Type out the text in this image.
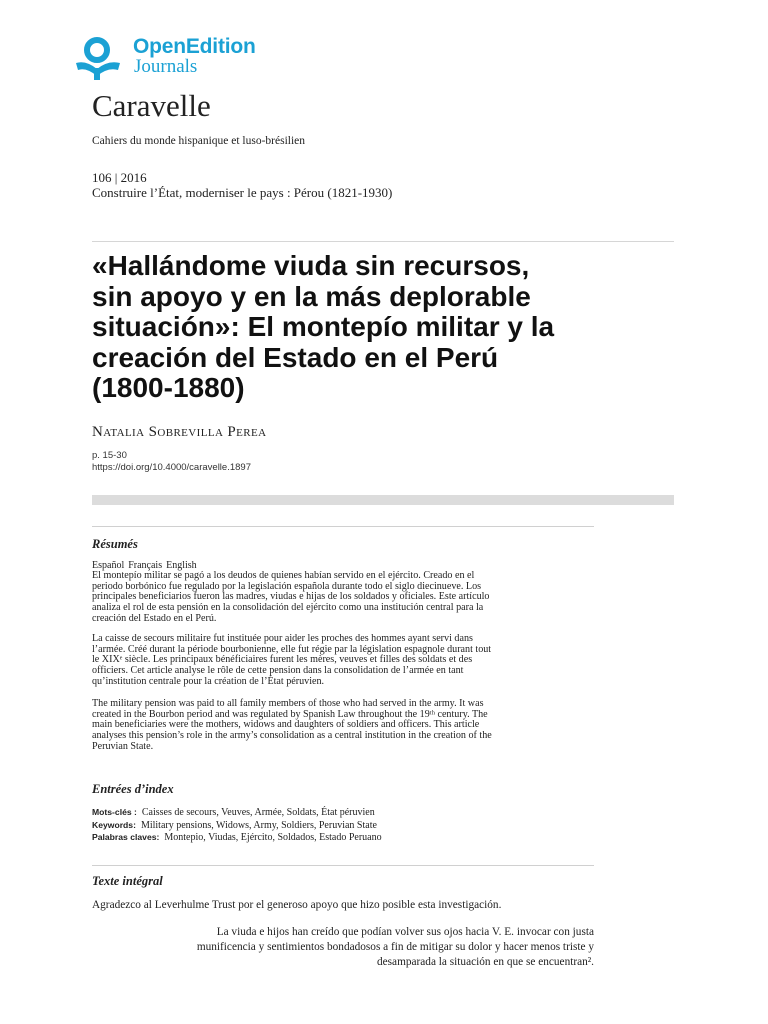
OpenEdition
Journals
Caravelle
Cahiers du monde hispanique et luso-brésilien
106 | 2016
Construire l’État, moderniser le pays : Pérou (1821-1930)
«Hallándome viuda sin recursos,
sin apoyo y en la más deplorable
situación»: El montepío militar y la
creación del Estado en el Perú
(1800-1880)
Natalia Sobrevilla Perea
p. 15-30
https://doi.org/10.4000/caravelle.1897
Résumés
Español Français English
El montepío militar se pagó a los deudos de quienes habían servido en el ejército. Creado en el
periodo borbónico fue regulado por la legislación española durante todo el siglo diecinueve. Los
principales beneficiarios fueron las madres, viudas e hijas de los soldados y oficiales. Este artículo
analiza el rol de esta pensión en la consolidación del ejército como una institución central para la
creación del Estado en el Perú.
La caisse de secours militaire fut instituée pour aider les proches des hommes ayant servi dans
l’armée. Créé durant la période bourbonienne, elle fut régie par la législation espagnole durant tout
le XIXᵉ siècle. Les principaux bénéficiaires furent les mères, veuves et filles des soldats et des
officiers. Cet article analyse le rôle de cette pension dans la consolidation de l’armée en tant
qu’institution centrale pour la création de l’État péruvien.
The military pension was paid to all family members of those who had served in the army. It was
created in the Bourbon period and was regulated by Spanish Law throughout the 19ᵗʰ century. The
main beneficiaries were the mothers, widows and daughters of soldiers and officers. This article
analyses this pension’s role in the army’s consolidation as a central institution in the creation of the
Peruvian State.
Entrées d’index
Mots-clés : Caisses de secours, Veuves, Armée, Soldats, État péruvien
Keywords: Military pensions, Widows, Army, Soldiers, Peruvian State
Palabras claves: Montepio, Viudas, Ejército, Soldados, Estado Peruano
Texte intégral
Agradezco al Leverhulme Trust por el generoso apoyo que hizo posible esta investigación.
La viuda e hijos han creído que podían volver sus ojos hacia V. E. invocar con justa
munificencia y sentimientos bondadosos a fin de mitigar su dolor y hacer menos triste y
desamparada la situación en que se encuentran².
